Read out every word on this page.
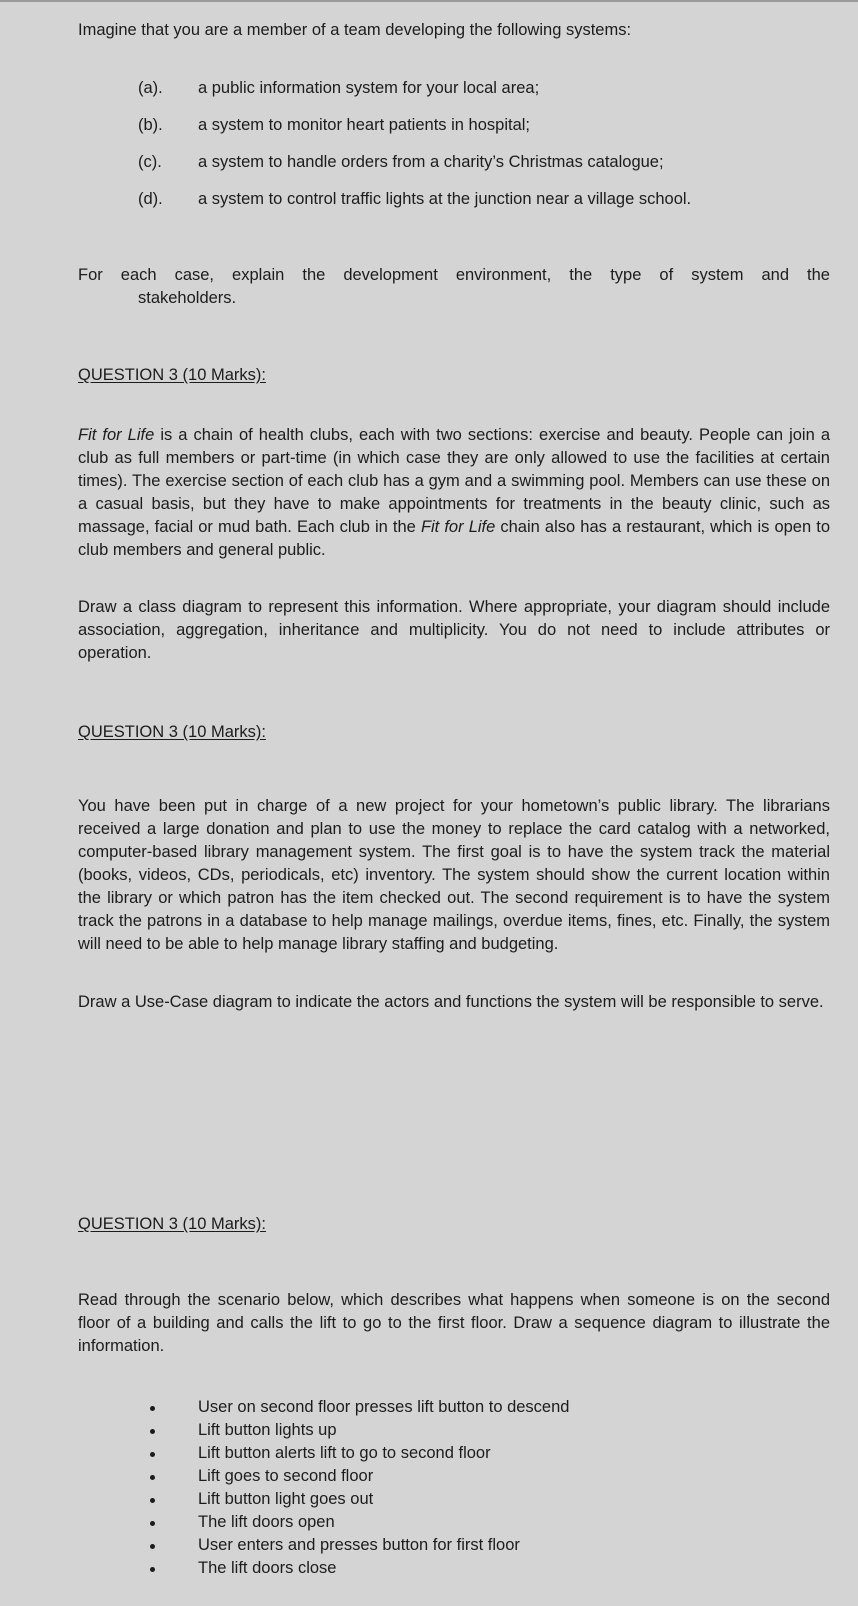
Imagine that you are a member of a team developing the following systems:
(a).	a public information system for your local area;
(b).	a system to monitor heart patients in hospital;
(c).	a system to handle orders from a charity’s Christmas catalogue;
(d).	a system to control traffic lights at the junction near a village school.
For each case, explain the development environment, the type of system and the
stakeholders.
QUESTION 3 (10 Marks):
Fit for Life is a chain of health clubs, each with two sections: exercise and beauty. People can join a club as full members or part-time (in which case they are only allowed to use the facilities at certain times). The exercise section of each club has a gym and a swimming pool. Members can use these on a casual basis, but they have to make appointments for treatments in the beauty clinic, such as massage, facial or mud bath. Each club in the Fit for Life chain also has a restaurant, which is open to club members and general public.
Draw a class diagram to represent this information. Where appropriate, your diagram should include association, aggregation, inheritance and multiplicity. You do not need to include attributes or operation.
QUESTION 3 (10 Marks):
You have been put in charge of a new project for your hometown’s public library. The librarians received a large donation and plan to use the money to replace the card catalog with a networked, computer-based library management system. The first goal is to have the system track the material (books, videos, CDs, periodicals, etc) inventory. The system should show the current location within the library or which patron has the item checked out. The second requirement is to have the system track the patrons in a database to help manage mailings, overdue items, fines, etc. Finally, the system will need to be able to help manage library staffing and budgeting.
Draw a Use-Case diagram to indicate the actors and functions the system will be responsible to serve.
QUESTION 3 (10 Marks):
Read through the scenario below, which describes what happens when someone is on the second floor of a building and calls the lift to go to the first floor. Draw a sequence diagram to illustrate the information.
User on second floor presses lift button to descend
Lift button lights up
Lift button alerts lift to go to second floor
Lift goes to second floor
Lift button light goes out
The lift doors open
User enters and presses button for first floor
The lift doors close
